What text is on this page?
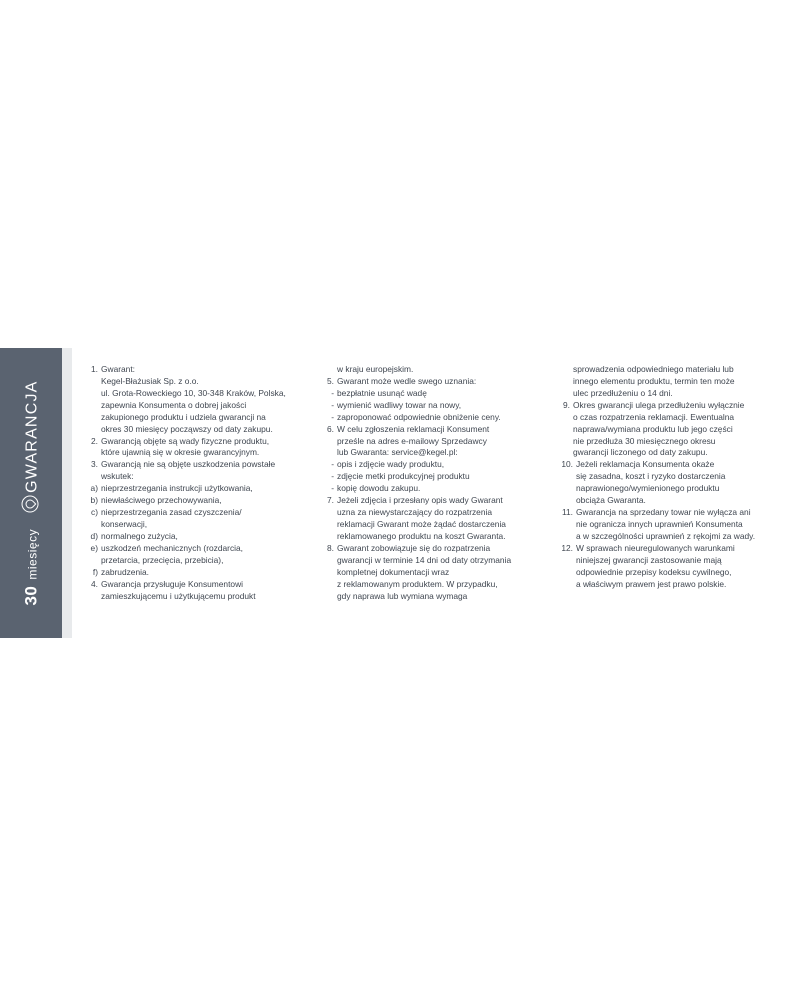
30
miesięcy
GWARANCJA
1. Gwarant:
Kegel-Błażusiak Sp. z o.o.
ul. Grota-Roweckiego 10, 30-348 Kraków, Polska,
zapewnia Konsumenta o dobrej jakości
zakupionego produktu i udziela gwarancji na
okres 30 miesięcy począwszy od daty zakupu.
2. Gwarancją objęte są wady fizyczne produktu,
które ujawnią się w okresie gwarancyjnym.
3. Gwarancją nie są objęte uszkodzenia powstałe
wskutek:
a) nieprzestrzegania instrukcji użytkowania,
b) niewłaściwego przechowywania,
c) nieprzestrzegania zasad czyszczenia/
konserwacji,
d) normalnego zużycia,
e) uszkodzeń mechanicznych (rozdarcia,
przetarcia, przecięcia, przebicia),
f) zabrudzenia.
4. Gwarancja przysługuje Konsumentowi
zamieszkującemu i użytkującemu produkt
w kraju europejskim.
5. Gwarant może wedle swego uznania:
- bezpłatnie usunąć wadę
- wymienić wadliwy towar na nowy,
- zaproponować odpowiednie obniżenie ceny.
6. W celu zgłoszenia reklamacji Konsument
prześle na adres e-mailowy Sprzedawcy
lub Gwaranta: service@kegel.pl:
- opis i zdjęcie wady produktu,
- zdjęcie metki produkcyjnej produktu
- kopię dowodu zakupu.
7. Jeżeli zdjęcia i przesłany opis wady Gwarant
uzna za niewystarczający do rozpatrzenia
reklamacji Gwarant może żądać dostarczenia
reklamowanego produktu na koszt Gwaranta.
8. Gwarant zobowiązuje się do rozpatrzenia
gwarancji w terminie 14 dni od daty otrzymania
kompletnej dokumentacji wraz
z reklamowanym produktem. W przypadku,
gdy naprawa lub wymiana wymaga
sprowadzenia odpowiedniego materiału lub
innego elementu produktu, termin ten może
ulec przedłużeniu o 14 dni.
9. Okres gwarancji ulega przedłużeniu wyłącznie
o czas rozpatrzenia reklamacji. Ewentualna
naprawa/wymiana produktu lub jego części
nie przedłuża 30 miesięcznego okresu
gwarancji liczonego od daty zakupu.
10. Jeżeli reklamacja Konsumenta okaże
się zasadna, koszt i ryzyko dostarczenia
naprawionego/wymienionego produktu
obciąża Gwaranta.
11. Gwarancja na sprzedany towar nie wyłącza ani
nie ogranicza innych uprawnień Konsumenta
a w szczególności uprawnień z rękojmi za wady.
12. W sprawach nieuregulowanych warunkami
niniejszej gwarancji zastosowanie mają
odpowiednie przepisy kodeksu cywilnego,
a właściwym prawem jest prawo polskie.
